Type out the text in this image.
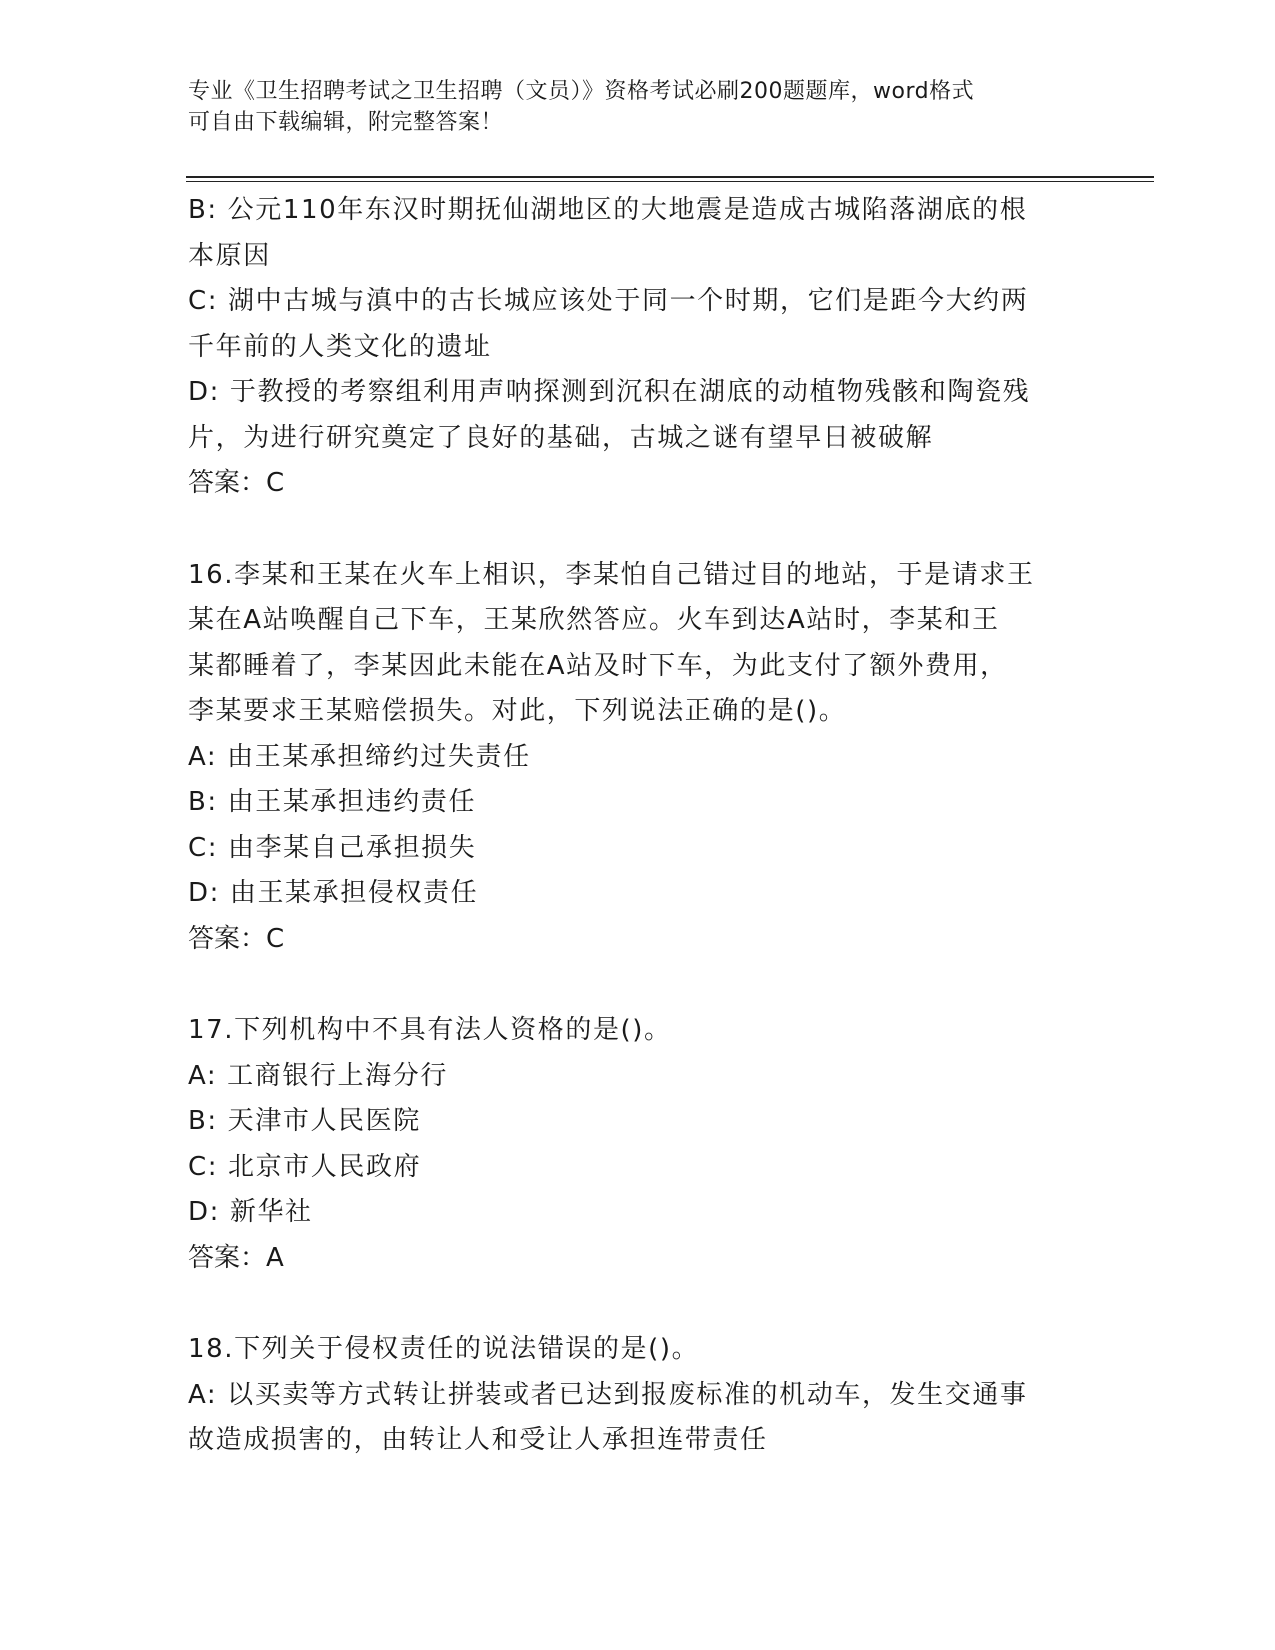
专业《卫生招聘考试之卫生招聘（文员）》资格考试必刷200题题库，word格式
可自由下载编辑，附完整答案！

B: 公元110年东汉时期抚仙湖地区的大地震是造成古城陷落湖底的根

本原因

C: 湖中古城与滇中的古长城应该处于同一个时期，它们是距今大约两

千年前的人类文化的遗址

D: 于教授的考察组利用声呐探测到沉积在湖底的动植物残骸和陶瓷残

片，为进行研究奠定了良好的基础，古城之谜有望早日被破解

答案：C

16.李某和王某在火车上相识，李某怕自己错过目的地站，于是请求王

某在A站唤醒自己下车，王某欣然答应。火车到达A站时，李某和王

某都睡着了，李某因此未能在A站及时下车，为此支付了额外费用，

李某要求王某赔偿损失。对此，下列说法正确的是()。

A: 由王某承担缔约过失责任

B: 由王某承担违约责任

C: 由李某自己承担损失

D: 由王某承担侵权责任

答案：C

17.下列机构中不具有法人资格的是()。

A: 工商银行上海分行

B: 天津市人民医院

C: 北京市人民政府

D: 新华社

答案：A

18.下列关于侵权责任的说法错误的是()。

A: 以买卖等方式转让拼装或者已达到报废标准的机动车，发生交通事

故造成损害的，由转让人和受让人承担连带责任
